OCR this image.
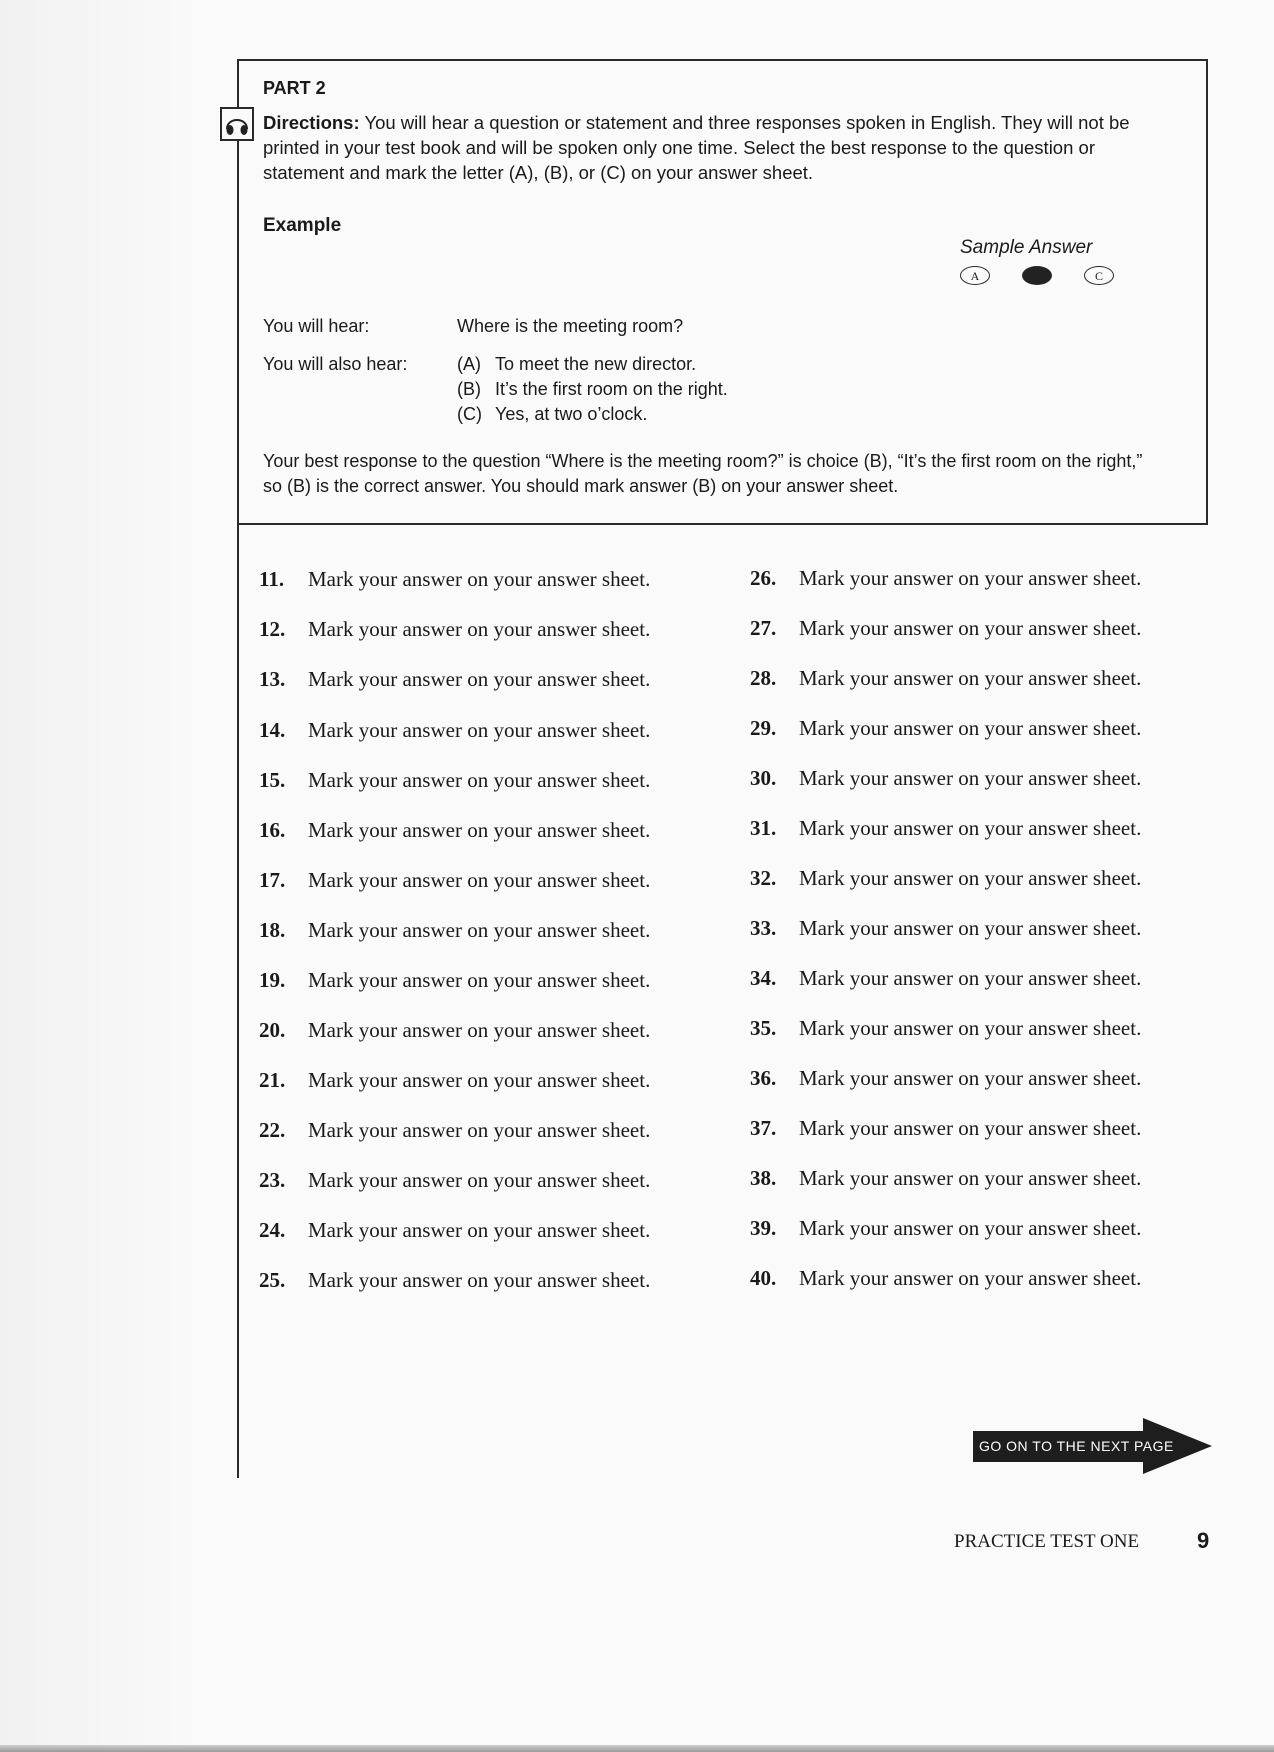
PART 2
Directions: You will hear a question or statement and three responses spoken in English. They will not be printed in your test book and will be spoken only one time. Select the best response to the question or statement and mark the letter (A), (B), or (C) on your answer sheet.
Example
Sample Answer
A	C
You will hear:	Where is the meeting room?
You will also hear:	(A) To meet the new director.
(B) It’s the first room on the right.
(C) Yes, at two o’clock.
Your best response to the question “Where is the meeting room?” is choice (B), “It’s the first room on the right,” so (B) is the correct answer. You should mark answer (B) on your answer sheet.
11. Mark your answer on your answer sheet.
12. Mark your answer on your answer sheet.
13. Mark your answer on your answer sheet.
14. Mark your answer on your answer sheet.
15. Mark your answer on your answer sheet.
16. Mark your answer on your answer sheet.
17. Mark your answer on your answer sheet.
18. Mark your answer on your answer sheet.
19. Mark your answer on your answer sheet.
20. Mark your answer on your answer sheet.
21. Mark your answer on your answer sheet.
22. Mark your answer on your answer sheet.
23. Mark your answer on your answer sheet.
24. Mark your answer on your answer sheet.
25. Mark your answer on your answer sheet.
26. Mark your answer on your answer sheet.
27. Mark your answer on your answer sheet.
28. Mark your answer on your answer sheet.
29. Mark your answer on your answer sheet.
30. Mark your answer on your answer sheet.
31. Mark your answer on your answer sheet.
32. Mark your answer on your answer sheet.
33. Mark your answer on your answer sheet.
34. Mark your answer on your answer sheet.
35. Mark your answer on your answer sheet.
36. Mark your answer on your answer sheet.
37. Mark your answer on your answer sheet.
38. Mark your answer on your answer sheet.
39. Mark your answer on your answer sheet.
40. Mark your answer on your answer sheet.
GO ON TO THE NEXT PAGE
PRACTICE TEST ONE	9
